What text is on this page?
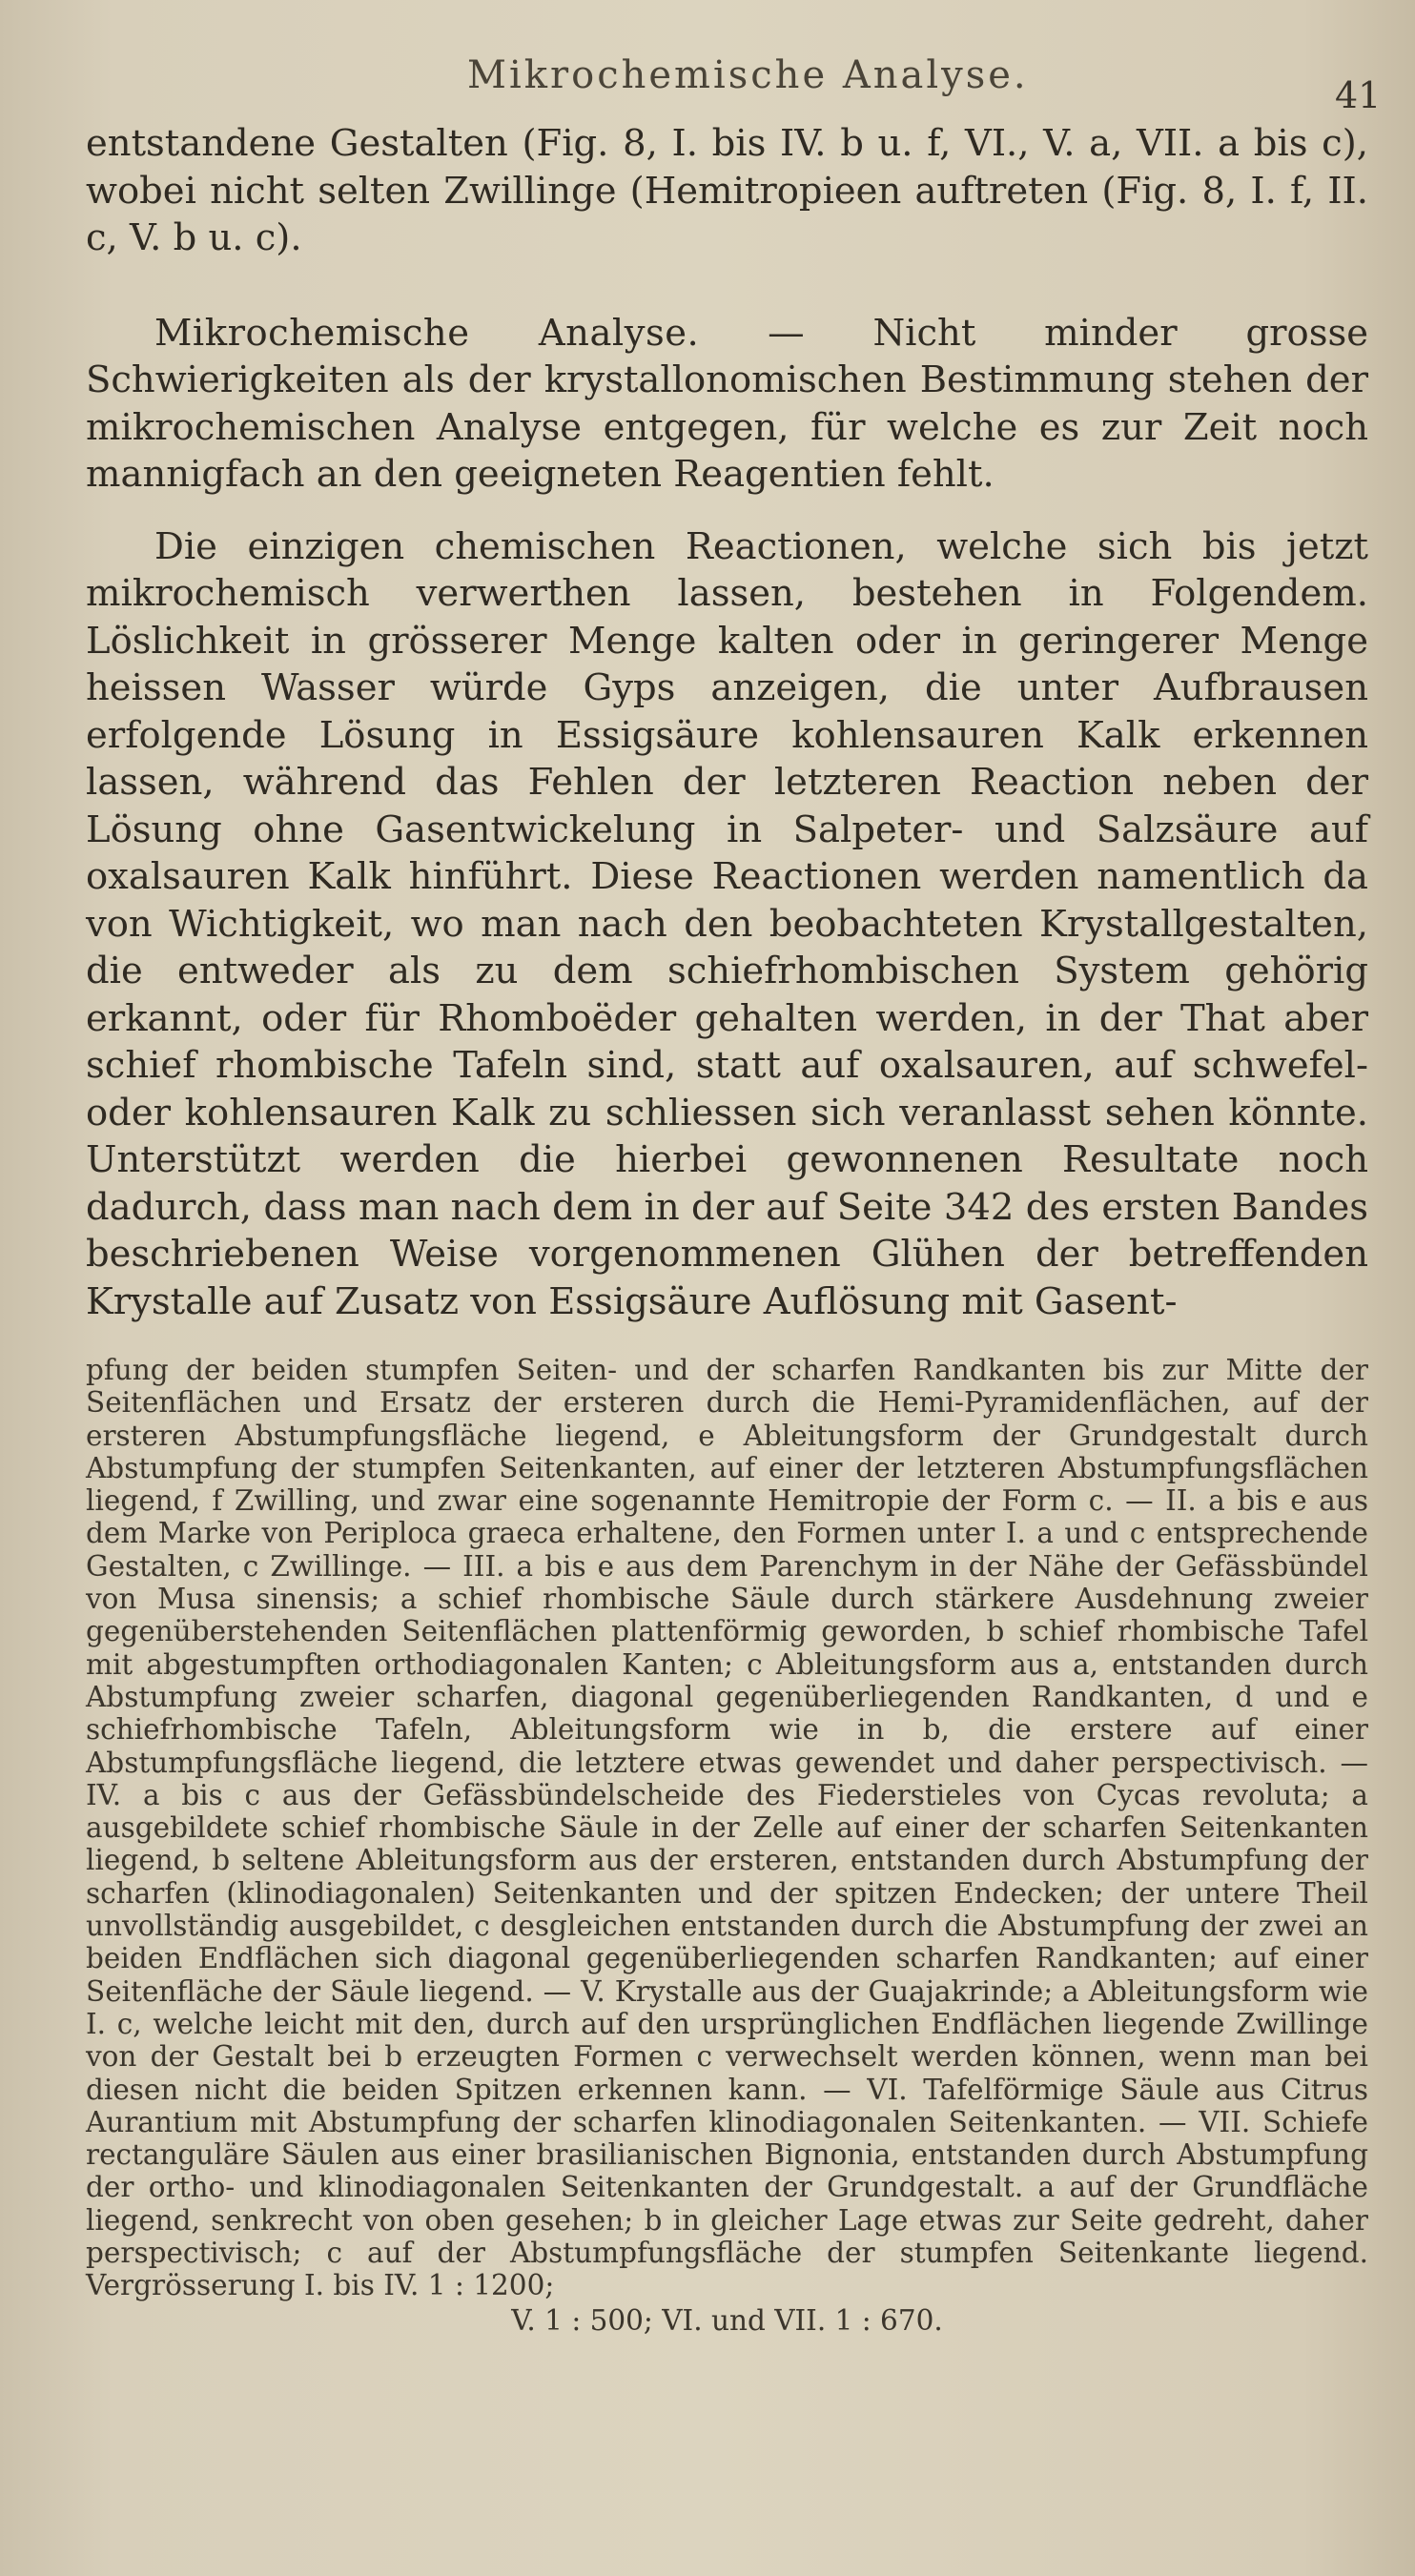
Mikrochemische Analyse.	41

entstandene Gestalten (Fig. 8, I. bis IV. b u. f, VI., V. a, VII. a bis c), wobei nicht selten Zwillinge (Hemitropieen auftreten (Fig. 8, I. f, II. c, V. b u. c).

Mikrochemische Analyse. — Nicht minder grosse Schwierigkeiten als der krystallonomischen Bestimmung stehen der mikrochemischen Analyse entgegen, für welche es zur Zeit noch mannigfach an den geeigneten Reagentien fehlt.

Die einzigen chemischen Reactionen, welche sich bis jetzt mikrochemisch verwerthen lassen, bestehen in Folgendem. Löslichkeit in grösserer Menge kalten oder in geringerer Menge heissen Wasser würde Gyps anzeigen, die unter Aufbrausen erfolgende Lösung in Essigsäure kohlensauren Kalk erkennen lassen, während das Fehlen der letzteren Reaction neben der Lösung ohne Gasentwickelung in Salpeter- und Salzsäure auf oxalsauren Kalk hinführt. Diese Reactionen werden namentlich da von Wichtigkeit, wo man nach den beobachteten Krystallgestalten, die entweder als zu dem schiefrhombischen System gehörig erkannt, oder für Rhomboëder gehalten werden, in der That aber schief rhombische Tafeln sind, statt auf oxalsauren, auf schwefel- oder kohlensauren Kalk zu schliessen sich veranlasst sehen könnte. Unterstützt werden die hierbei gewonnenen Resultate noch dadurch, dass man nach dem in der auf Seite 342 des ersten Bandes beschriebenen Weise vorgenommenen Glühen der betreffenden Krystalle auf Zusatz von Essigsäure Auflösung mit Gasent-

pfung der beiden stumpfen Seiten- und der scharfen Randkanten bis zur Mitte der Seitenflächen und Ersatz der ersteren durch die Hemi-Pyramidenflächen, auf der ersteren Abstumpfungsfläche liegend, e Ableitungsform der Grundgestalt durch Abstumpfung der stumpfen Seitenkanten, auf einer der letzteren Abstumpfungsflächen liegend, f Zwilling, und zwar eine sogenannte Hemitropie der Form c. — II. a bis e aus dem Marke von Periploca graeca erhaltene, den Formen unter I. a und c entsprechende Gestalten, c Zwillinge. — III. a bis e aus dem Parenchym in der Nähe der Gefässbündel von Musa sinensis; a schief rhombische Säule durch stärkere Ausdehnung zweier gegenüberstehenden Seitenflächen plattenförmig geworden, b schief rhombische Tafel mit abgestumpften orthodiagonalen Kanten; c Ableitungsform aus a, entstanden durch Abstumpfung zweier scharfen, diagonal gegenüberliegenden Randkanten, d und e schiefrhombische Tafeln, Ableitungsform wie in b, die erstere auf einer Abstumpfungsfläche liegend, die letztere etwas gewendet und daher perspectivisch. — IV. a bis c aus der Gefässbündelscheide des Fiederstieles von Cycas revoluta; a ausgebildete schief rhombische Säule in der Zelle auf einer der scharfen Seitenkanten liegend, b seltene Ableitungsform aus der ersteren, entstanden durch Abstumpfung der scharfen (klinodiagonalen) Seitenkanten und der spitzen Endecken; der untere Theil unvollständig ausgebildet, c desgleichen entstanden durch die Abstumpfung der zwei an beiden Endflächen sich diagonal gegenüberliegenden scharfen Randkanten; auf einer Seitenfläche der Säule liegend. — V. Krystalle aus der Guajakrinde; a Ableitungsform wie I. c, welche leicht mit den, durch auf den ursprünglichen Endflächen liegende Zwillinge von der Gestalt bei b erzeugten Formen c verwechselt werden können, wenn man bei diesen nicht die beiden Spitzen erkennen kann. — VI. Tafelförmige Säule aus Citrus Aurantium mit Abstumpfung der scharfen klinodiagonalen Seitenkanten. — VII. Schiefe rectanguläre Säulen aus einer brasilianischen Bignonia, entstanden durch Abstumpfung der ortho- und klinodiagonalen Seitenkanten der Grundgestalt. a auf der Grundfläche liegend, senkrecht von oben gesehen; b in gleicher Lage etwas zur Seite gedreht, daher perspectivisch; c auf der Abstumpfungsfläche der stumpfen Seitenkante liegend. Vergrösserung I. bis IV. 1 : 1200;

V. 1 : 500; VI. und VII. 1 : 670.
